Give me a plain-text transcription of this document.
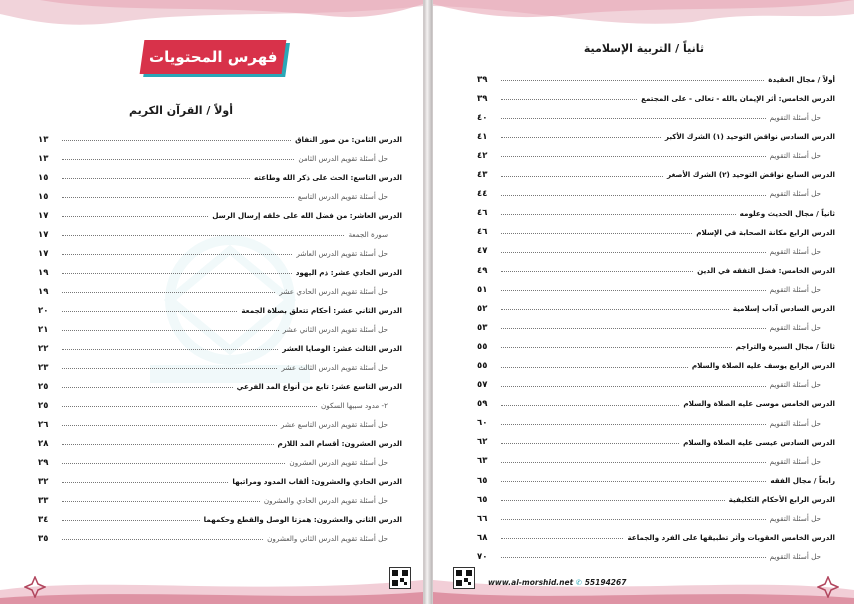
فهرس المحتويات
أولاً / القرآن الكريم
الدرس الثامن: من صور النفاق
١٣
حل أسئلة تقويم الدرس الثامن
١٣
الدرس التاسع: الحث على ذكر الله وطاعته
١٥
حل أسئلة تقويم الدرس التاسع
١٥
الدرس العاشر: من فضل الله على خلقه إرسال الرسل
١٧
سورة الجمعة
١٧
حل أسئلة تقويم الدرس العاشر
١٧
الدرس الحادي عشر: ذم اليهود
١٩
حل أسئلة تقويم الدرس الحادي عشر
١٩
الدرس الثاني عشر: أحكام تتعلق بصلاة الجمعة
٢٠
حل أسئلة تقويم الدرس الثاني عشر
٢١
الدرس الثالث عشر: الوصايا العشر
٢٢
حل أسئلة تقويم الدرس الثالث عشر
٢٣
الدرس التاسع عشر: تابع من أنواع المد الفرعي
٢٥
٢- مدود سببها السكون
٢٥
حل أسئلة تقويم الدرس التاسع عشر
٢٦
الدرس العشرون: أقسام المد اللازم
٢٨
حل أسئلة تقويم الدرس العشرون
٢٩
الدرس الحادي والعشرون: ألقاب المدود ومراتبها
٣٢
حل أسئلة تقويم الدرس الحادي والعشرون
٣٣
الدرس الثاني والعشرون: همزتا الوصل والقطع وحكمهما
٣٤
حل أسئلة تقويم الدرس الثاني والعشرون
٣٥
ثانياً / التربية الإسلامية
أولاً / مجال العقيدة
٣٩
الدرس الخامس: أثر الإيمان بالله - تعالى - على المجتمع
٣٩
حل أسئلة التقويم
٤٠
الدرس السادس نواقض التوحيد (١) الشرك الأكبر
٤١
حل أسئلة التقويم
٤٢
الدرس السابع نواقض التوحيد (٢) الشرك الأصغر
٤٣
حل أسئلة التقويم
٤٤
ثانياً / مجال الحديث وعلومه
٤٦
الدرس الرابع مكانة الصحابة في الإسلام
٤٦
حل أسئلة التقويم
٤٧
الدرس الخامس: فضل التفقه في الدين
٤٩
حل أسئلة التقويم
٥١
الدرس السادس آداب إسلامية
٥٢
حل أسئلة التقويم
٥٣
ثالثاً / مجال السيرة والتراجم
٥٥
الدرس الرابع يوسف عليه الصلاة والسلام
٥٥
حل أسئلة التقويم
٥٧
الدرس الخامس موسى عليه الصلاة والسلام
٥٩
حل أسئلة التقويم
٦٠
الدرس السادس عيسى عليه الصلاة والسلام
٦٢
حل أسئلة التقويم
٦٣
رابعاً / مجال الفقه
٦٥
الدرس الرابع الأحكام التكليفية
٦٥
حل أسئلة التقويم
٦٦
الدرس الخامس العقوبات وأثر تطبيقها على الفرد والجماعة
٦٨
حل أسئلة التقويم
٧٠
www.al-morshid.net ✆ 55194267
